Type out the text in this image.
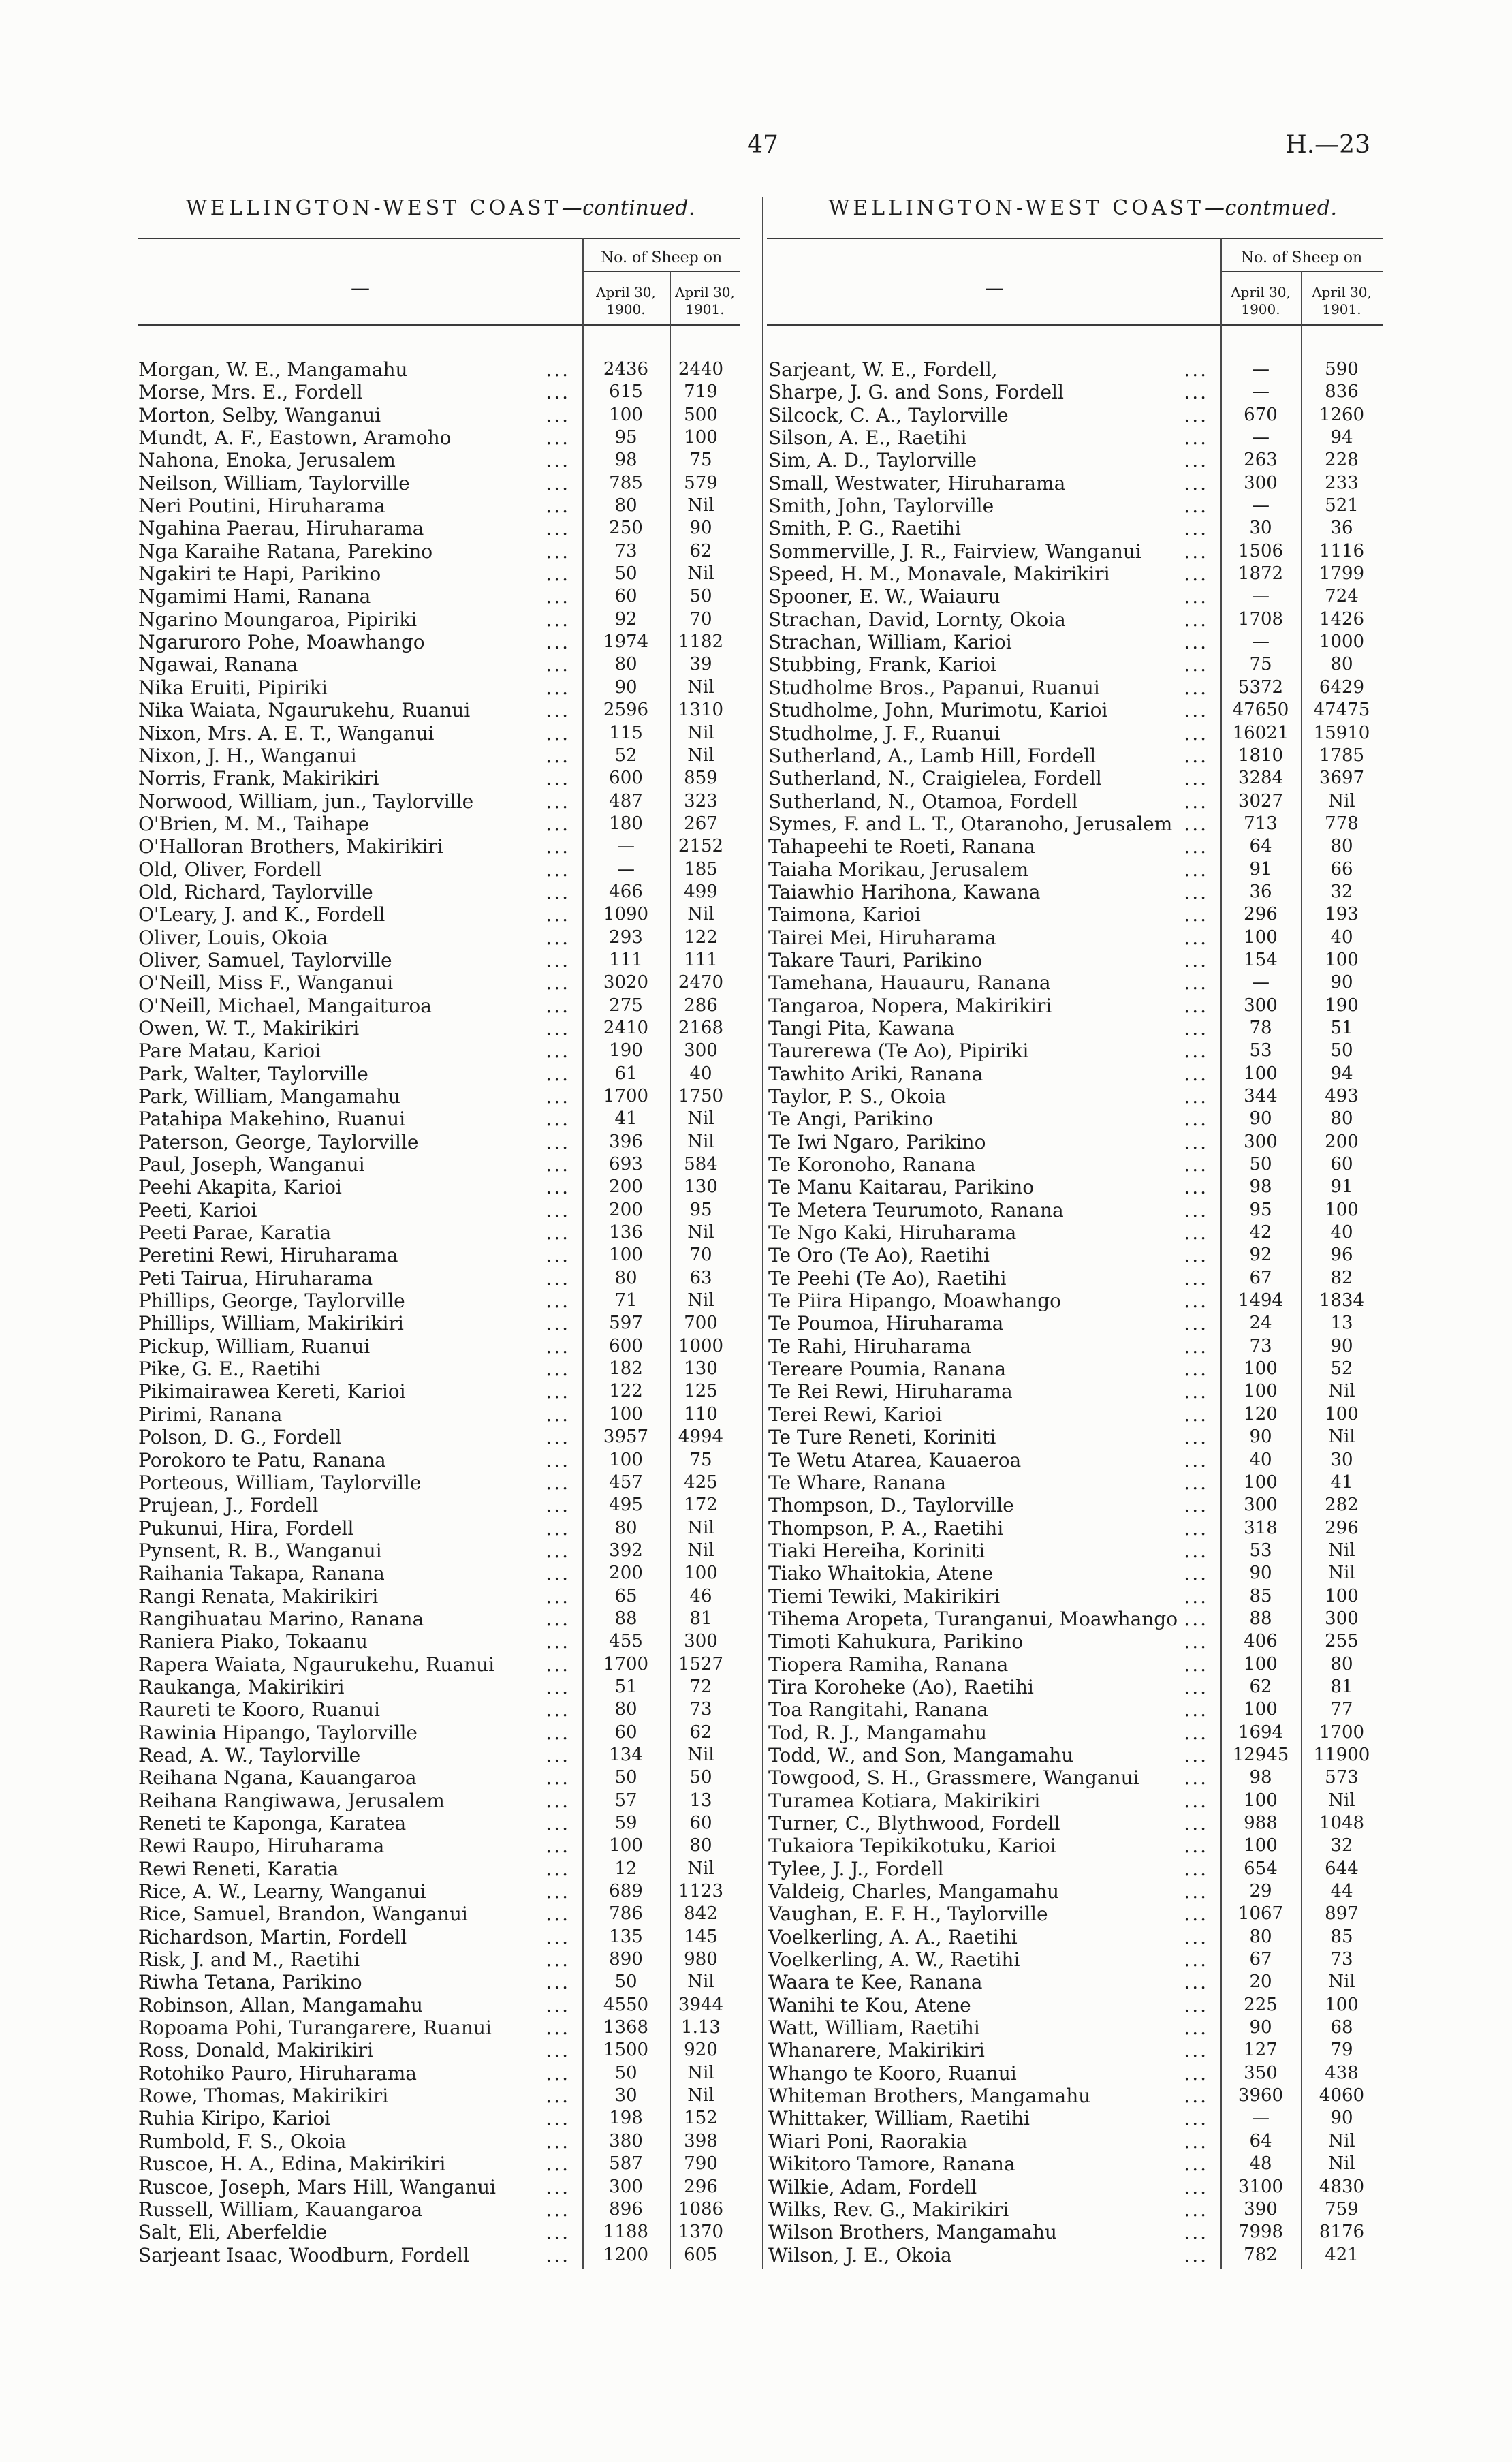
47	H.—23
WELLINGTON-WEST COAST—continued.	WELLINGTON-WEST COAST—contmued.
—
No. of Sheep on
April 30,
1900.
April 30,
1901.
—
No. of Sheep on
April 30,
1900.
April 30,
1901.
Morgan, W. E., Mangamahu	...	2436	2440
Morse, Mrs. E., Fordell	...	615	719
Morton, Selby, Wanganui	...	100	500
Mundt, A. F., Eastown, Aramoho	...	95	100
Nahona, Enoka, Jerusalem	...	98	75
Neilson, William, Taylorville	...	785	579
Neri Poutini, Hiruharama	...	80	Nil
Ngahina Paerau, Hiruharama	...	250	90
Nga Karaihe Ratana, Parekino	...	73	62
Ngakiri te Hapi, Parikino	...	50	Nil
Ngamimi Hami, Ranana	...	60	50
Ngarino Moungaroa, Pipiriki	...	92	70
Ngaruroro Pohe, Moawhango	...	1974	1182
Ngawai, Ranana	...	80	39
Nika Eruiti, Pipiriki	...	90	Nil
Nika Waiata, Ngaurukehu, Ruanui	...	2596	1310
Nixon, Mrs. A. E. T., Wanganui	...	115	Nil
Nixon, J. H., Wanganui	...	52	Nil
Norris, Frank, Makirikiri	...	600	859
Norwood, William, jun., Taylorville	...	487	323
O'Brien, M. M., Taihape	...	180	267
O'Halloran Brothers, Makirikiri	...	—	2152
Old, Oliver, Fordell	...	—	185
Old, Richard, Taylorville	...	466	499
O'Leary, J. and K., Fordell	...	1090	Nil
Oliver, Louis, Okoia	...	293	122
Oliver, Samuel, Taylorville	...	111	111
O'Neill, Miss F., Wanganui	...	3020	2470
O'Neill, Michael, Mangaituroa	...	275	286
Owen, W. T., Makirikiri	...	2410	2168
Pare Matau, Karioi	...	190	300
Park, Walter, Taylorville	...	61	40
Park, William, Mangamahu	...	1700	1750
Patahipa Makehino, Ruanui	...	41	Nil
Paterson, George, Taylorville	...	396	Nil
Paul, Joseph, Wanganui	...	693	584
Peehi Akapita, Karioi	...	200	130
Peeti, Karioi	...	200	95
Peeti Parae, Karatia	...	136	Nil
Peretini Rewi, Hiruharama	...	100	70
Peti Tairua, Hiruharama	...	80	63
Phillips, George, Taylorville	...	71	Nil
Phillips, William, Makirikiri	...	597	700
Pickup, William, Ruanui	...	600	1000
Pike, G. E., Raetihi	...	182	130
Pikimairawea Kereti, Karioi	...	122	125
Pirimi, Ranana	...	100	110
Polson, D. G., Fordell	...	3957	4994
Porokoro te Patu, Ranana	...	100	75
Porteous, William, Taylorville	...	457	425
Prujean, J., Fordell	...	495	172
Pukunui, Hira, Fordell	...	80	Nil
Pynsent, R. B., Wanganui	...	392	Nil
Raihania Takapa, Ranana	...	200	100
Rangi Renata, Makirikiri	...	65	46
Rangihuatau Marino, Ranana	...	88	81
Raniera Piako, Tokaanu	...	455	300
Rapera Waiata, Ngaurukehu, Ruanui	...	1700	1527
Raukanga, Makirikiri	...	51	72
Raureti te Kooro, Ruanui	...	80	73
Rawinia Hipango, Taylorville	...	60	62
Read, A. W., Taylorville	...	134	Nil
Reihana Ngana, Kauangaroa	...	50	50
Reihana Rangiwawa, Jerusalem	...	57	13
Reneti te Kaponga, Karatea	...	59	60
Rewi Raupo, Hiruharama	...	100	80
Rewi Reneti, Karatia	...	12	Nil
Rice, A. W., Learny, Wanganui	...	689	1123
Rice, Samuel, Brandon, Wanganui	...	786	842
Richardson, Martin, Fordell	...	135	145
Risk, J. and M., Raetihi	...	890	980
Riwha Tetana, Parikino	...	50	Nil
Robinson, Allan, Mangamahu	...	4550	3944
Ropoama Pohi, Turangarere, Ruanui	...	1368	1.13
Ross, Donald, Makirikiri	...	1500	920
Rotohiko Pauro, Hiruharama	...	50	Nil
Rowe, Thomas, Makirikiri	...	30	Nil
Ruhia Kiripo, Karioi	...	198	152
Rumbold, F. S., Okoia	...	380	398
Ruscoe, H. A., Edina, Makirikiri	...	587	790
Ruscoe, Joseph, Mars Hill, Wanganui	...	300	296
Russell, William, Kauangaroa	...	896	1086
Salt, Eli, Aberfeldie	...	1188	1370
Sarjeant Isaac, Woodburn, Fordell	...	1200	605
Sarjeant, W. E., Fordell,	...	—	590
Sharpe, J. G. and Sons, Fordell	...	—	836
Silcock, C. A., Taylorville	...	670	1260
Silson, A. E., Raetihi	...	—	94
Sim, A. D., Taylorville	...	263	228
Small, Westwater, Hiruharama	...	300	233
Smith, John, Taylorville	...	—	521
Smith, P. G., Raetihi	...	30	36
Sommerville, J. R., Fairview, Wanganui ...	1506	1116
Speed, H. M., Monavale, Makirikiri	...	1872	1799
Spooner, E. W., Waiauru	...	—	724
Strachan, David, Lornty, Okoia	...	1708	1426
Strachan, William, Karioi	...	—	1000
Stubbing, Frank, Karioi	...	75	80
Studholme Bros., Papanui, Ruanui	...	5372	6429
Studholme, John, Murimotu, Karioi	...	47650	47475
Studholme, J. F., Ruanui	...	16021	15910
Sutherland, A., Lamb Hill, Fordell	...	1810	1785
Sutherland, N., Craigielea, Fordell	...	3284	3697
Sutherland, N., Otamoa, Fordell	...	3027	Nil
Symes, F. and L. T., Otaranoho, Jerusalem ...	713	778
Tahapeehi te Roeti, Ranana	...	64	80
Taiaha Morikau, Jerusalem	...	91	66
Taiawhio Harihona, Kawana	...	36	32
Taimona, Karioi	...	296	193
Tairei Mei, Hiruharama	...	100	40
Takare Tauri, Parikino	...	154	100
Tamehana, Hauauru, Ranana	...	—	90
Tangaroa, Nopera, Makirikiri	...	300	190
Tangi Pita, Kawana	...	78	51
Taurerewa (Te Ao), Pipiriki	...	53	50
Tawhito Ariki, Ranana	...	100	94
Taylor, P. S., Okoia	...	344	493
Te Angi, Parikino	...	90	80
Te Iwi Ngaro, Parikino	...	300	200
Te Koronoho, Ranana	...	50	60
Te Manu Kaitarau, Parikino	...	98	91
Te Metera Teurumoto, Ranana	...	95	100
Te Ngo Kaki, Hiruharama	...	42	40
Te Oro (Te Ao), Raetihi	...	92	96
Te Peehi (Te Ao), Raetihi	...	67	82
Te Piira Hipango, Moawhango	...	1494	1834
Te Poumoa, Hiruharama	...	24	13
Te Rahi, Hiruharama	...	73	90
Tereare Poumia, Ranana	...	100	52
Te Rei Rewi, Hiruharama	...	100	Nil
Terei Rewi, Karioi	...	120	100
Te Ture Reneti, Koriniti	...	90	Nil
Te Wetu Atarea, Kauaeroa	...	40	30
Te Whare, Ranana	...	100	41
Thompson, D., Taylorville	...	300	282
Thompson, P. A., Raetihi	...	318	296
Tiaki Hereiha, Koriniti	...	53	Nil
Tiako Whaitokia, Atene	...	90	Nil
Tiemi Tewiki, Makirikiri	...	85	100
Tihema Aropeta, Turanganui, Moawhango ...	88	300
Timoti Kahukura, Parikino	...	406	255
Tiopera Ramiha, Ranana	...	100	80
Tira Koroheke (Ao), Raetihi	...	62	81
Toa Rangitahi, Ranana	...	100	77
Tod, R. J., Mangamahu	...	1694	1700
Todd, W., and Son, Mangamahu	...	12945	11900
Towgood, S. H., Grassmere, Wanganui ...	98	573
Turamea Kotiara, Makirikiri	...	100	Nil
Turner, C., Blythwood, Fordell	...	988	1048
Tukaiora Tepikikotuku, Karioi	...	100	32
Tylee, J. J., Fordell	...	654	644
Valdeig, Charles, Mangamahu	...	29	44
Vaughan, E. F. H., Taylorville	...	1067	897
Voelkerling, A. A., Raetihi	...	80	85
Voelkerling, A. W., Raetihi	...	67	73
Waara te Kee, Ranana	...	20	Nil
Wanihi te Kou, Atene	...	225	100
Watt, William, Raetihi	...	90	68
Whanarere, Makirikiri	...	127	79
Whango te Kooro, Ruanui	...	350	438
Whiteman Brothers, Mangamahu	...	3960	4060
Whittaker, William, Raetihi	...	—	90
Wiari Poni, Raorakia	...	64	Nil
Wikitoro Tamore, Ranana	...	48	Nil
Wilkie, Adam, Fordell	...	3100	4830
Wilks, Rev. G., Makirikiri	...	390	759
Wilson Brothers, Mangamahu	...	7998	8176
Wilson, J. E., Okoia	...	782	421
